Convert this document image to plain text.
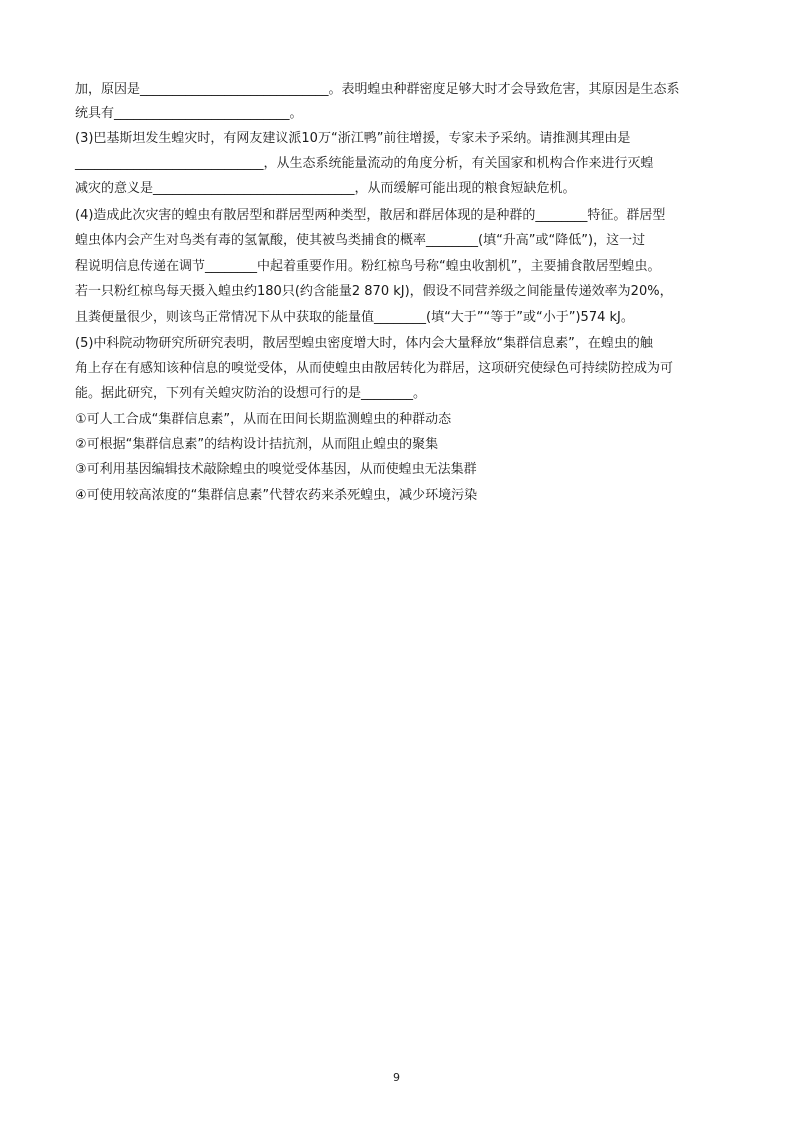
加，原因是_____________________________。表明蝗虫种群密度足够大时才会导致危害，其原因是生态系
统具有___________________________。
(3)巴基斯坦发生蝗灾时，有网友建议派10万“浙江鸭”前往增援，专家未予采纳。请推测其理由是
_____________________________，从生态系统能量流动的角度分析，有关国家和机构合作来进行灭蝗
减灾的意义是_______________________________，从而缓解可能出现的粮食短缺危机。
(4)造成此次灾害的蝗虫有散居型和群居型两种类型，散居和群居体现的是种群的________特征。群居型
蝗虫体内会产生对鸟类有毒的氢氰酸，使其被鸟类捕食的概率________(填“升高”或“降低”)，这一过
程说明信息传递在调节________中起着重要作用。粉红椋鸟号称“蝗虫收割机”，主要捕食散居型蝗虫。
若一只粉红椋鸟每天摄入蝗虫约180只(约含能量2 870 kJ)，假设不同营养级之间能量传递效率为20%，
且粪便量很少，则该鸟正常情况下从中获取的能量值________(填“大于”“等于”或“小于”)574 kJ。
(5)中科院动物研究所研究表明，散居型蝗虫密度增大时，体内会大量释放“集群信息素”，在蝗虫的触
角上存在有感知该种信息的嗅觉受体，从而使蝗虫由散居转化为群居，这项研究使绿色可持续防控成为可
能。据此研究，下列有关蝗灾防治的设想可行的是________。
①可人工合成“集群信息素”，从而在田间长期监测蝗虫的种群动态
②可根据“集群信息素”的结构设计拮抗剂，从而阻止蝗虫的聚集
③可利用基因编辑技术敲除蝗虫的嗅觉受体基因，从而使蝗虫无法集群
④可使用较高浓度的“集群信息素”代替农药来杀死蝗虫，减少环境污染
9
